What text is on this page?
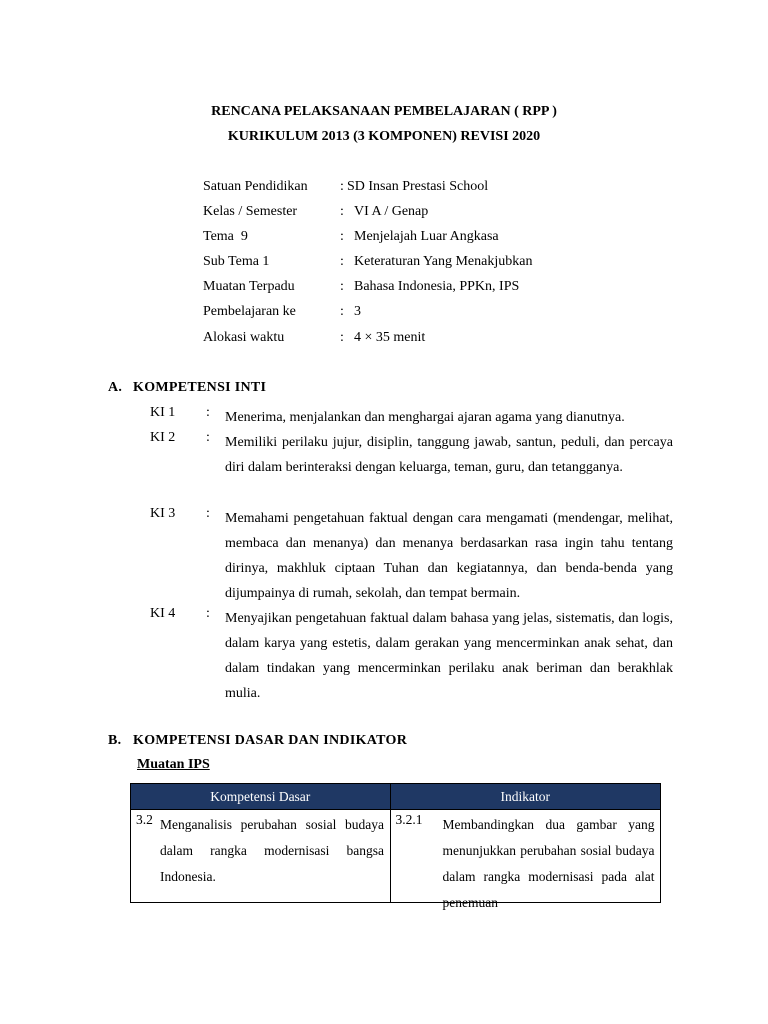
RENCANA PELAKSANAAN PEMBELAJARAN ( RPP )
KURIKULUM 2013 (3 KOMPONEN) REVISI 2020
Satuan Pendidikan : SD Insan Prestasi School
Kelas / Semester	: VI A / Genap
Tema  9	: Menjelajah Luar Angkasa
Sub Tema 1	: Keteraturan Yang Menakjubkan
Muatan Terpadu	: Bahasa Indonesia, PPKn, IPS
Pembelajaran ke	: 3
Alokasi waktu	: 4 × 35 menit
A. KOMPETENSI INTI
KI 1 : Menerima, menjalankan dan menghargai ajaran agama yang dianutnya.
KI 2 : Memiliki perilaku jujur, disiplin, tanggung jawab, santun, peduli, dan percaya diri dalam berinteraksi dengan keluarga, teman, guru, dan tetangganya.
KI 3 : Memahami pengetahuan faktual dengan cara mengamati (mendengar, melihat, membaca dan menanya) dan menanya berdasarkan rasa ingin tahu tentang dirinya, makhluk ciptaan Tuhan dan kegiatannya, dan benda-benda yang dijumpainya di rumah, sekolah, dan tempat bermain.
KI 4 : Menyajikan pengetahuan faktual dalam bahasa yang jelas, sistematis, dan logis, dalam karya yang estetis, dalam gerakan yang mencerminkan anak sehat, dan dalam tindakan yang mencerminkan perilaku anak beriman dan berakhlak mulia.
B. KOMPETENSI DASAR DAN INDIKATOR
Muatan IPS
Kompetensi Dasar	Indikator

3.2 Menganalisis perubahan sosial budaya dalam rangka modernisasi bangsa Indonesia.	3.2.1 Membandingkan dua gambar yang menunjukkan perubahan sosial budaya dalam rangka modernisasi pada alat penemuan
